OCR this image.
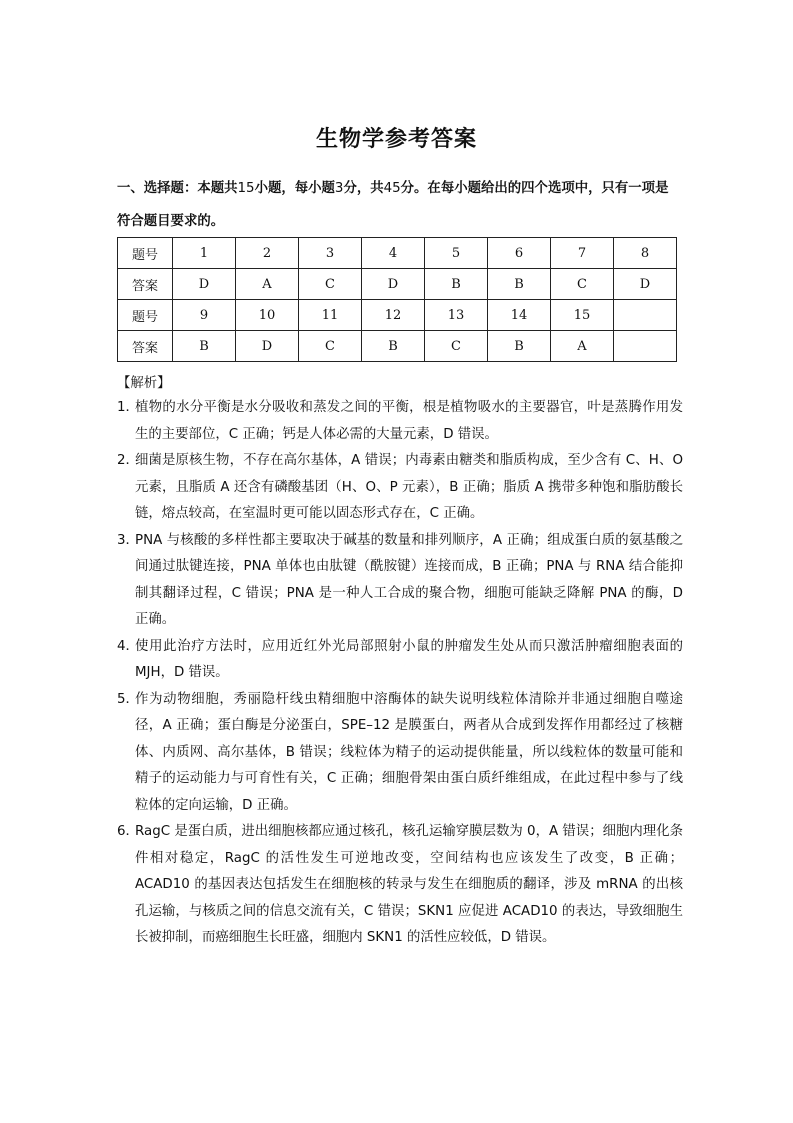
生物学参考答案
一、选择题：本题共15小题，每小题3分，共45分。在每小题给出的四个选项中，只有一项是符合题目要求的。
题号	1	2	3	4	5	6	7	8
答案	D	A	C	D	B	B	C	D
题号	9	10	11	12	13	14	15	
答案	B	D	C	B	C	B	A	
【解析】
1．
植物的水分平衡是水分吸收和蒸发之间的平衡，根是植物吸水的主要器官，叶是蒸腾作用发生的主要部位，C 正确；钙是人体必需的大量元素，D 错误。
2．
细菌是原核生物，不存在高尔基体，A 错误；内毒素由糖类和脂质构成，至少含有 C、H、O 元素，且脂质 A 还含有磷酸基团（H、O、P 元素），B 正确；脂质 A 携带多种饱和脂肪酸长链，熔点较高，在室温时更可能以固态形式存在，C 正确。
3．
PNA 与核酸的多样性都主要取决于碱基的数量和排列顺序，A 正确；组成蛋白质的氨基酸之间通过肽键连接，PNA 单体也由肽键（酰胺键）连接而成，B 正确；PNA 与 RNA 结合能抑制其翻译过程，C 错误；PNA 是一种人工合成的聚合物，细胞可能缺乏降解 PNA 的酶，D 正确。
4．
使用此治疗方法时，应用近红外光局部照射小鼠的肿瘤发生处从而只激活肿瘤细胞表面的 MJH，D 错误。
5．
作为动物细胞，秀丽隐杆线虫精细胞中溶酶体的缺失说明线粒体清除并非通过细胞自噬途径，A 正确；蛋白酶是分泌蛋白，SPE–12 是膜蛋白，两者从合成到发挥作用都经过了核糖体、内质网、高尔基体，B 错误；线粒体为精子的运动提供能量，所以线粒体的数量可能和精子的运动能力与可育性有关，C 正确；细胞骨架由蛋白质纤维组成，在此过程中参与了线粒体的定向运输，D 正确。
6．
RagC 是蛋白质，进出细胞核都应通过核孔，核孔运输穿膜层数为 0，A 错误；细胞内理化条件相对稳定，RagC 的活性发生可逆地改变，空间结构也应该发生了改变，B 正确；ACAD10 的基因表达包括发生在细胞核的转录与发生在细胞质的翻译，涉及 mRNA 的出核孔运输，与核质之间的信息交流有关，C 错误；SKN1 应促进 ACAD10 的表达，导致细胞生长被抑制，而癌细胞生长旺盛，细胞内 SKN1 的活性应较低，D 错误。
